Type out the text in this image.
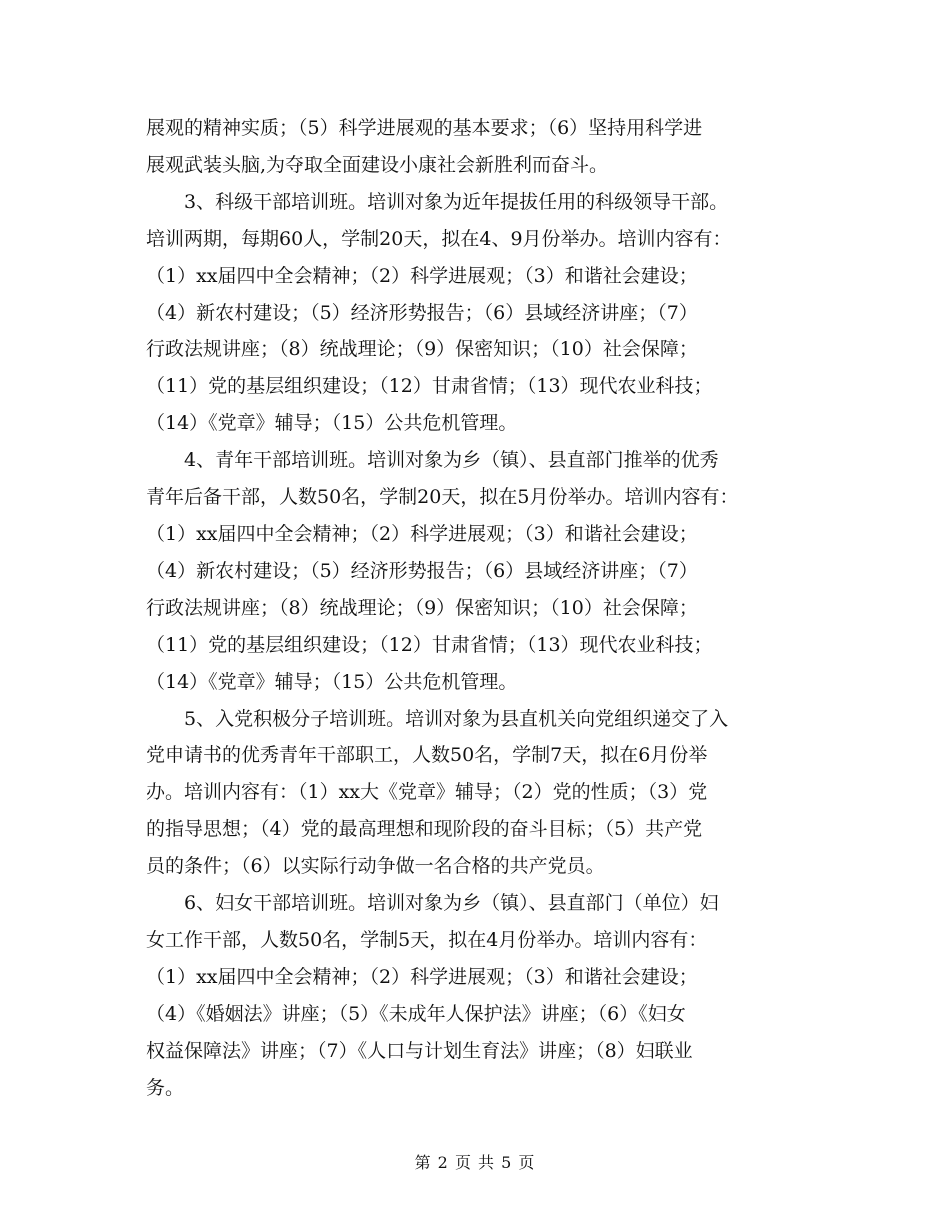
展观的精神实质；（5）科学进展观的基本要求；（6）坚持用科学进
展观武装头脑,为夺取全面建设小康社会新胜利而奋斗。

3、科级干部培训班。培训对象为近年提拔任用的科级领导干部。
培训两期，每期60人，学制20天，拟在4、9月份举办。培训内容有：
（1）xx届四中全会精神；（2）科学进展观；（3）和谐社会建设；
（4）新农村建设；（5）经济形势报告；（6）县域经济讲座；（7）
行政法规讲座；（8）统战理论；（9）保密知识；（10）社会保障；
（11）党的基层组织建设；（12）甘肃省情；（13）现代农业科技；
（14）《党章》辅导；（15）公共危机管理。

4、青年干部培训班。培训对象为乡（镇）、县直部门推举的优秀
青年后备干部，人数50名，学制20天，拟在5月份举办。培训内容有：
（1）xx届四中全会精神；（2）科学进展观；（3）和谐社会建设；
（4）新农村建设；（5）经济形势报告；（6）县域经济讲座；（7）
行政法规讲座；（8）统战理论；（9）保密知识；（10）社会保障；
（11）党的基层组织建设；（12）甘肃省情；（13）现代农业科技；
（14）《党章》辅导；（15）公共危机管理。

5、入党积极分子培训班。培训对象为县直机关向党组织递交了入
党申请书的优秀青年干部职工，人数50名，学制7天，拟在6月份举
办。培训内容有：（1）xx大《党章》辅导；（2）党的性质；（3）党
的指导思想；（4）党的最高理想和现阶段的奋斗目标；（5）共产党
员的条件；（6）以实际行动争做一名合格的共产党员。

6、妇女干部培训班。培训对象为乡（镇）、县直部门（单位）妇
女工作干部，人数50名，学制5天，拟在4月份举办。培训内容有：
（1）xx届四中全会精神；（2）科学进展观；（3）和谐社会建设；
（4）《婚姻法》讲座；（5）《未成年人保护法》讲座；（6）《妇女
权益保障法》讲座；（7）《人口与计划生育法》讲座；（8）妇联业
务。

第 2 页 共 5 页
